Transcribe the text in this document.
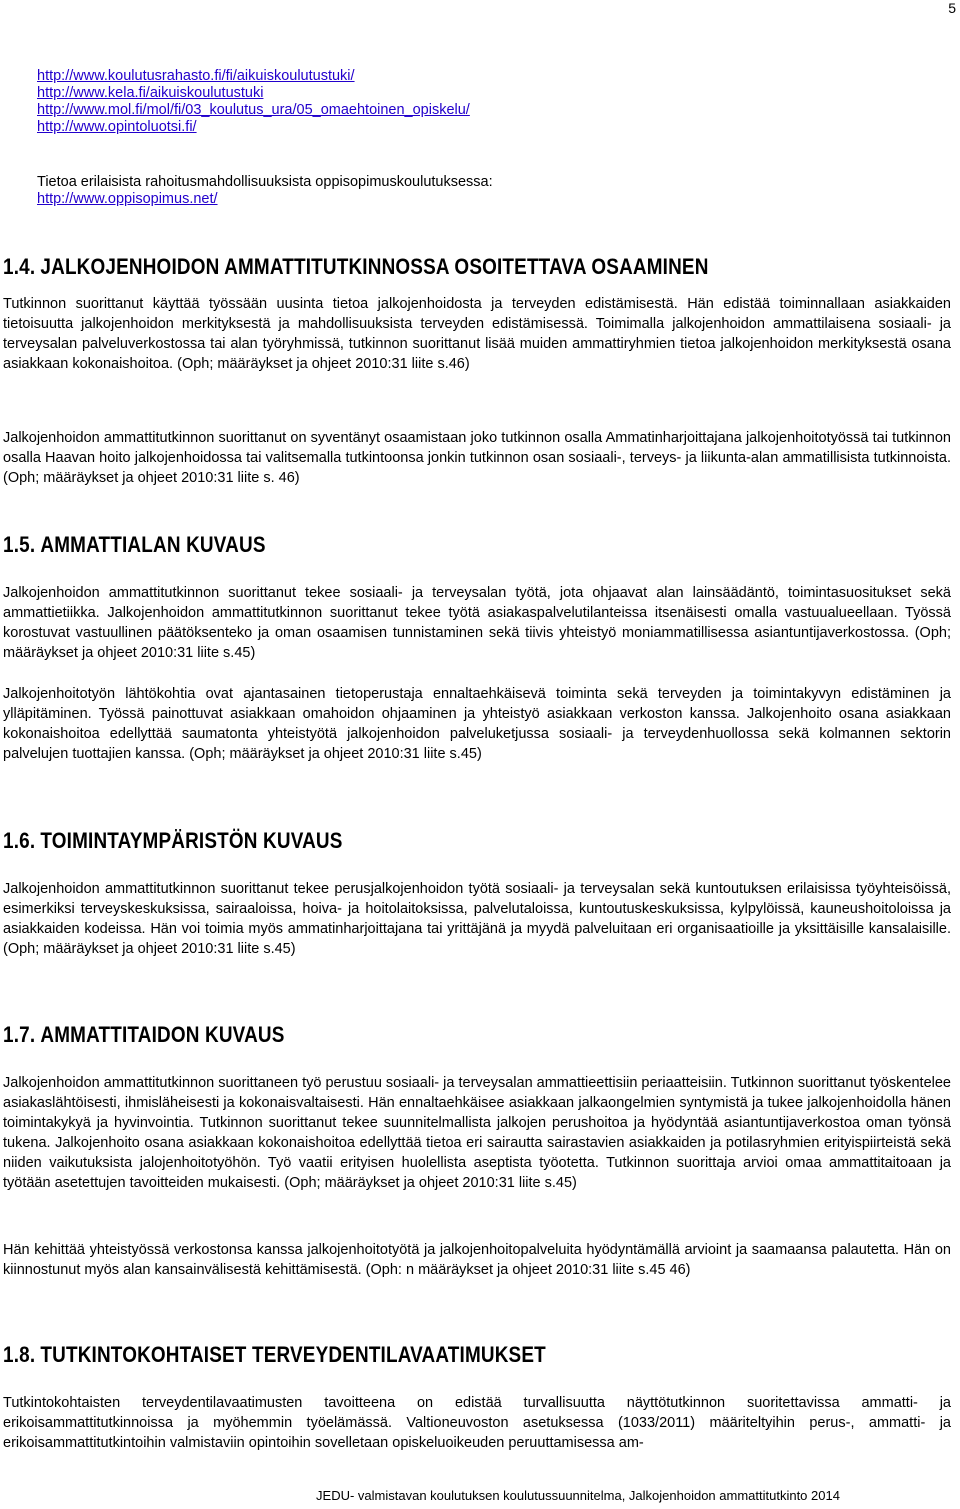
5
http://www.koulutusrahasto.fi/fi/aikuiskoulutustuki/
http://www.kela.fi/aikuiskoulutustuki
http://www.mol.fi/mol/fi/03_koulutus_ura/05_omaehtoinen_opiskelu/
http://www.opintoluotsi.fi/
Tietoa erilaisista rahoitusmahdollisuuksista oppisopimuskoulutuksessa:
http://www.oppisopimus.net/
1.4. JALKOJENHOIDON AMMATTITUTKINNOSSA OSOITETTAVA OSAAMINEN

Tutkinnon suorittanut käyttää työssään uusinta tietoa jalkojenhoidosta ja terveyden edistämisestä. Hän edistää toiminnallaan asiakkaiden tietoisuutta jalkojenhoidon merkityksestä ja mahdollisuuksista terveyden edistämisessä. Toimimalla jalkojenhoidon ammattilaisena sosiaali- ja terveysalan palveluverkostossa tai alan työryhmissä, tutkinnon suorittanut lisää muiden ammattiryhmien tietoa jalkojenhoidon merkityksestä osana asiakkaan kokonaishoitoa. (Oph; määräykset ja ohjeet 2010:31 liite s.46)

Jalkojenhoidon ammattitutkinnon suorittanut on syventänyt osaamistaan joko tutkinnon osalla Ammatinharjoittajana jalkojenhoitotyössä tai tutkinnon osalla Haavan hoito jalkojenhoidossa tai valitsemalla tutkintoonsa jonkin tutkinnon osan sosiaali-, terveys- ja liikunta-alan ammatillisista tutkinnoista. (Oph; määräykset ja ohjeet 2010:31 liite s. 46)

1.5. AMMATTIALAN KUVAUS

Jalkojenhoidon ammattitutkinnon suorittanut tekee sosiaali- ja terveysalan työtä, jota ohjaavat alan lainsäädäntö, toimintasuositukset sekä ammattietiikka. Jalkojenhoidon ammattitutkinnon suorittanut tekee työtä asiakaspalvelutilanteissa itsenäisesti omalla vastuualueellaan. Työssä korostuvat vastuullinen päätöksenteko ja oman osaamisen tunnistaminen sekä tiivis yhteistyö moniammatillisessa asiantuntijaverkostossa. (Oph; määräykset ja ohjeet 2010:31 liite s.45)

Jalkojenhoitotyön lähtökohtia ovat ajantasainen tietoperustaja ennaltaehkäisevä toiminta sekä terveyden ja toimintakyvyn edistäminen ja ylläpitäminen. Työssä painottuvat asiakkaan omahoidon ohjaaminen ja yhteistyö asiakkaan verkoston kanssa. Jalkojenhoito osana asiakkaan kokonaishoitoa edellyttää saumatonta yhteistyötä jalkojenhoidon palveluketjussa sosiaali- ja terveydenhuollossa sekä kolmannen sektorin palvelujen tuottajien kanssa. (Oph; määräykset ja ohjeet 2010:31 liite s.45)

1.6. TOIMINTAYMPÄRISTÖN KUVAUS

Jalkojenhoidon ammattitutkinnon suorittanut tekee perusjalkojenhoidon työtä sosiaali- ja terveysalan sekä kuntoutuksen erilaisissa työyhteisöissä, esimerkiksi terveyskeskuksissa, sairaaloissa, hoiva- ja hoitolaitoksissa, palvelutaloissa, kuntoutuskeskuksissa, kylpylöissä, kauneushoitoloissa ja asiakkaiden kodeissa. Hän voi toimia myös ammatinharjoittajana tai yrittäjänä ja myydä palveluitaan eri organisaatioille ja yksittäisille kansalaisille. (Oph; määräykset ja ohjeet 2010:31 liite s.45)

1.7. AMMATTITAIDON KUVAUS

Jalkojenhoidon ammattitutkinnon suorittaneen työ perustuu sosiaali- ja terveysalan ammattieettisiin periaatteisiin. Tutkinnon suorittanut työskentelee asiakaslähtöisesti, ihmisläheisesti ja kokonaisvaltaisesti. Hän ennaltaehkäisee asiakkaan jalkaongelmien syntymistä ja tukee jalkojenhoidolla hänen toimintakykyä ja hyvinvointia. Tutkinnon suorittanut tekee suunnitelmallista jalkojen perushoitoa ja hyödyntää asiantuntijaverkostoa oman työnsä tukena. Jalkojenhoito osana asiakkaan kokonaishoitoa edellyttää tietoa eri sairautta sairastavien asiakkaiden ja potilasryhmien erityispiirteistä sekä niiden vaikutuksista jalojenhoitotyöhön. Työ vaatii erityisen huolellista aseptista työotetta. Tutkinnon suorittaja arvioi omaa ammattitaitoaan ja työtään asetettujen tavoitteiden mukaisesti. (Oph; määräykset ja ohjeet 2010:31 liite s.45)

Hän kehittää yhteistyössä verkostonsa kanssa jalkojenhoitotyötä ja jalkojenhoitopalveluita hyödyntämällä arvioint ja saamaansa palautetta. Hän on kiinnostunut myös alan kansainvälisestä kehittämisestä. (Oph: n määräykset ja ohjeet 2010:31 liite s.45 46)

1.8. TUTKINTOKOHTAISET TERVEYDENTILAVAATIMUKSET

Tutkintokohtaisten terveydentilavaatimusten tavoitteena on edistää turvallisuutta näyttötutkinnon suoritettavissa ammatti- ja erikoisammattitutkinnoissa ja myöhemmin työelämässä. Valtioneuvoston asetuksessa (1033/2011) määriteltyihin perus-, ammatti- ja erikoisammattitutkintoihin valmistaviin opintoihin sovelletaan opiskeluoikeuden peruuttamisessa am-

JEDU- valmistavan koulutuksen koulutussuunnitelma, Jalkojenhoidon ammattitutkinto 2014
